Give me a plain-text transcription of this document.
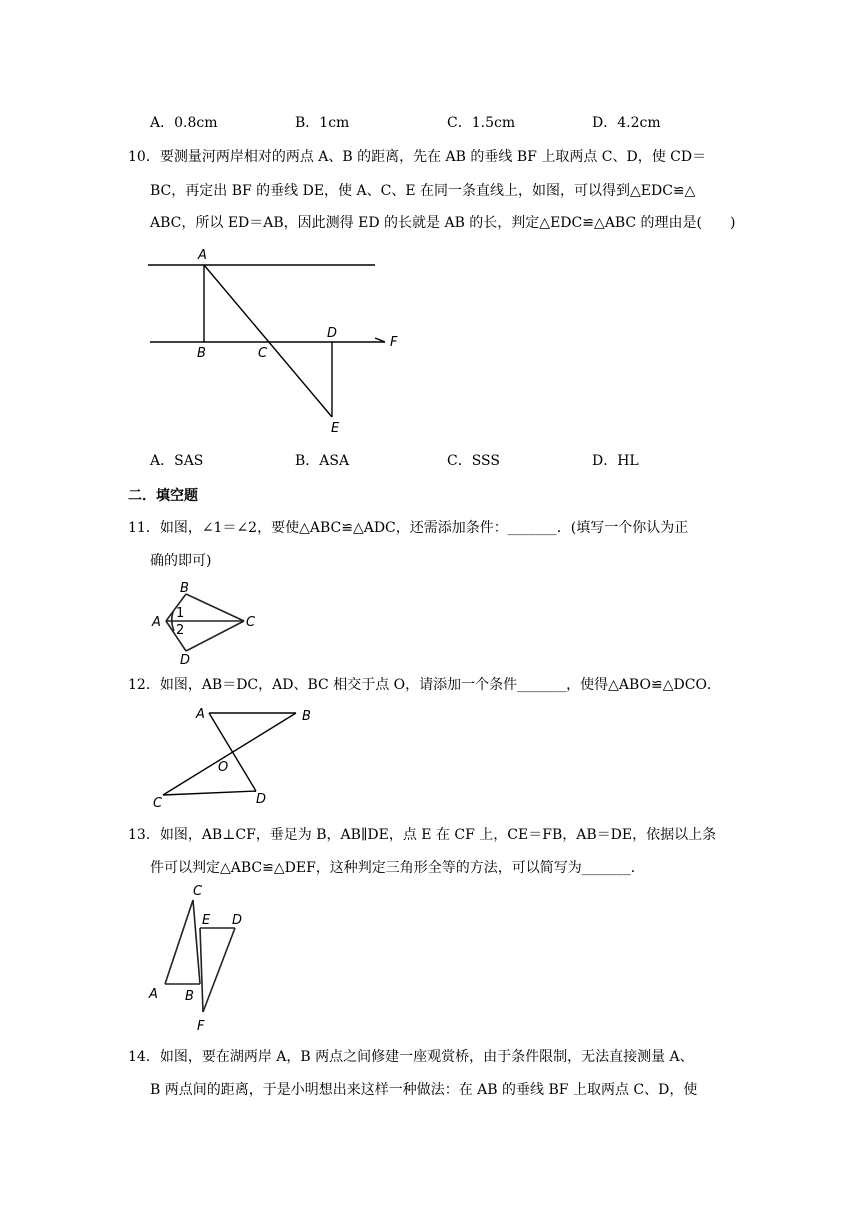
A．0.8cm	B．1cm	C．1.5cm	D．4.2cm
10．要测量河两岸相对的两点 A、B 的距离，先在 AB 的垂线 BF 上取两点 C、D，使 CD＝
BC，再定出 BF 的垂线 DE，使 A、C、E 在同一条直线上，如图，可以得到△EDC≌△
ABC，所以 ED＝AB，因此测得 ED 的长就是 AB 的长，判定△EDC≌△ABC 的理由是(　　)
A
B	C
D
E
F
A．SAS	B．ASA	C．SSS	D．HL
二．填空题
11．如图，∠1＝∠2，要使△ABC≌△ADC，还需添加条件：_______．(填写一个你认为正
确的即可)
B
A
1
2
C
D
12．如图，AB＝DC，AD、BC 相交于点 O，请添加一个条件_______，使得△ABO≌△DCO．
A	B
O
C	D
13．如图，AB⊥CF，垂足为 B，AB∥DE，点 E 在 CF 上，CE＝FB，AB＝DE，依据以上条
件可以判定△ABC≌△DEF，这种判定三角形全等的方法，可以简写为_______．
C
E D
A B
F
14．如图，要在湖两岸 A，B 两点之间修建一座观赏桥，由于条件限制，无法直接测量 A、
B 两点间的距离，于是小明想出来这样一种做法：在 AB 的垂线 BF 上取两点 C、D，使
